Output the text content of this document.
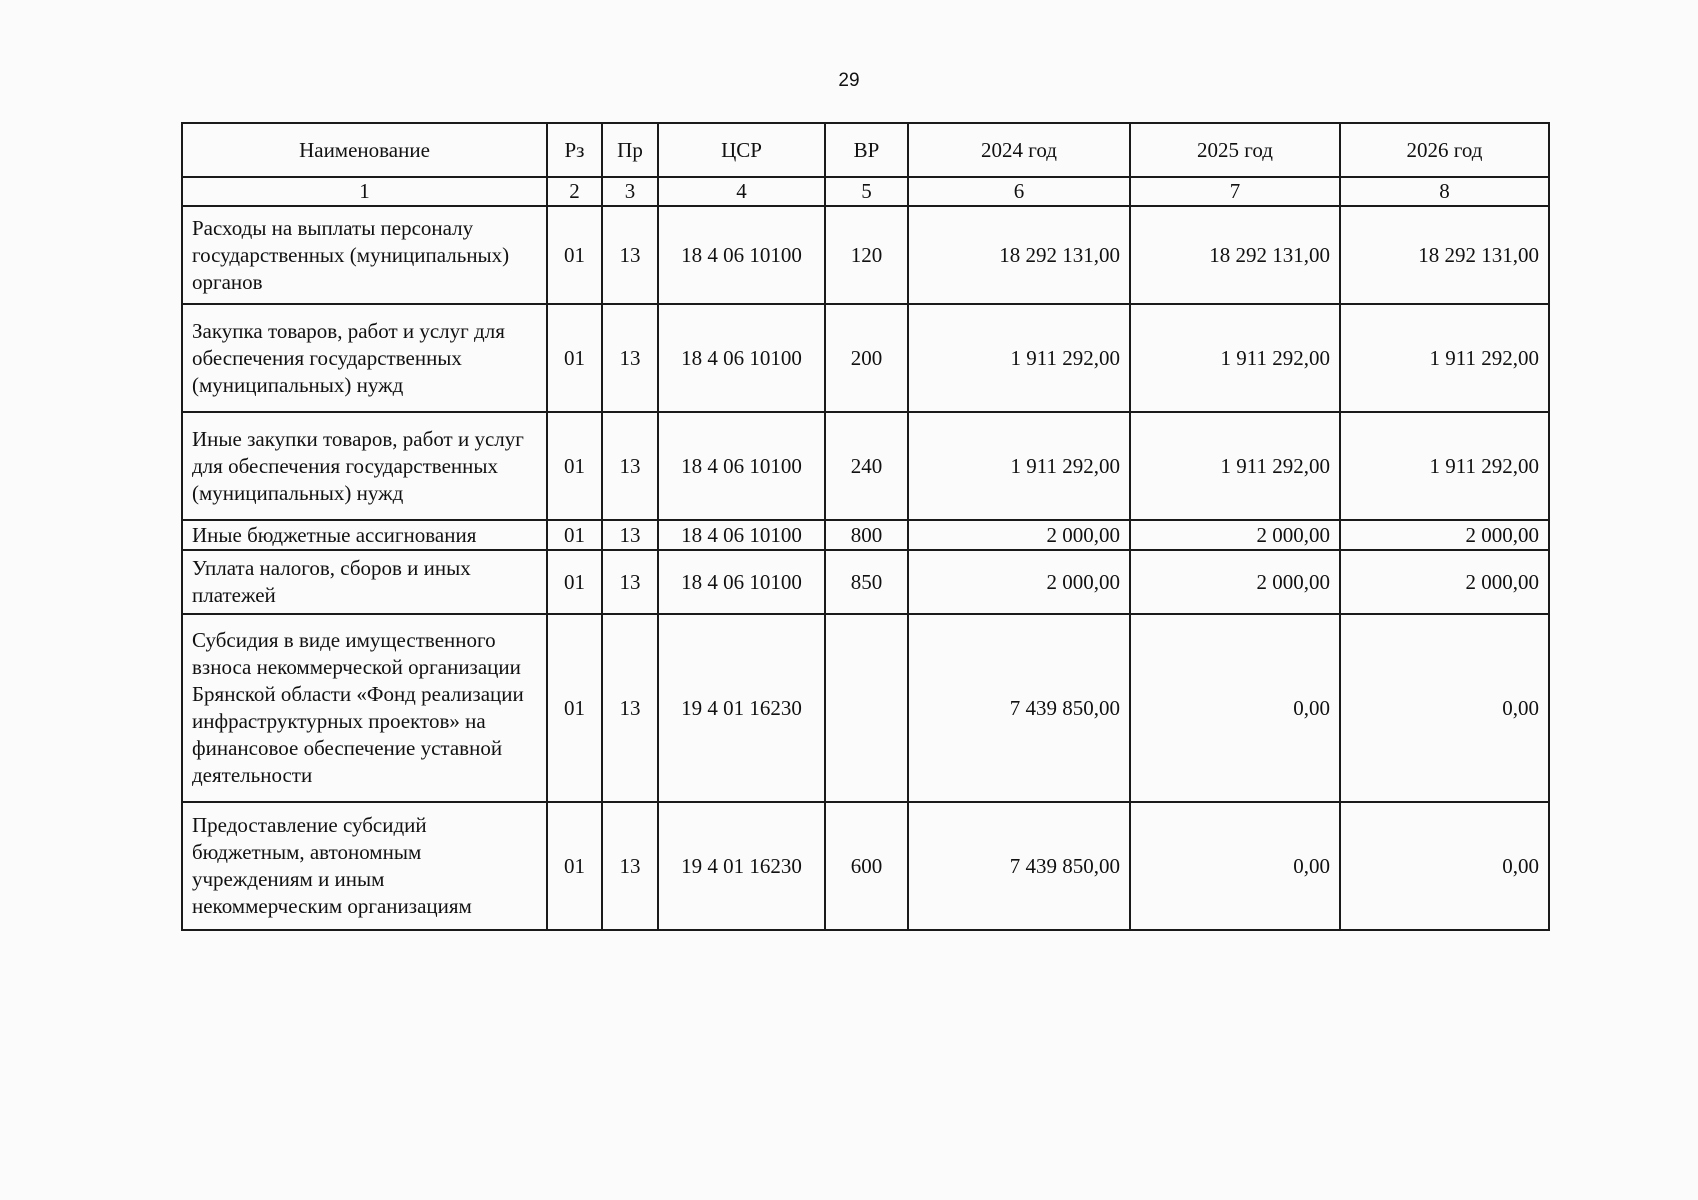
29
Наименование	Рз	Пр	ЦСР	ВР	2024 год	2025 год	2026 год
1	2	3	4	5	6	7	8
Расходы на выплаты персоналу государственных (муниципальных) органов	01	13	18 4 06 10100	120	18 292 131,00	18 292 131,00	18 292 131,00
Закупка товаров, работ и услуг для обеспечения государственных (муниципальных) нужд	01	13	18 4 06 10100	200	1 911 292,00	1 911 292,00	1 911 292,00
Иные закупки товаров, работ и услуг для обеспечения государственных (муниципальных) нужд	01	13	18 4 06 10100	240	1 911 292,00	1 911 292,00	1 911 292,00
Иные бюджетные ассигнования	01	13	18 4 06 10100	800	2 000,00	2 000,00	2 000,00
Уплата налогов, сборов и иных платежей	01	13	18 4 06 10100	850	2 000,00	2 000,00	2 000,00
Субсидия в виде имущественного взноса некоммерческой организации Брянской области «Фонд реализации инфраструктурных проектов» на финансовое обеспечение уставной деятельности	01	13	19 4 01 16230		7 439 850,00	0,00	0,00
Предоставление субсидий бюджетным, автономным учреждениям и иным некоммерческим организациям	01	13	19 4 01 16230	600	7 439 850,00	0,00	0,00
